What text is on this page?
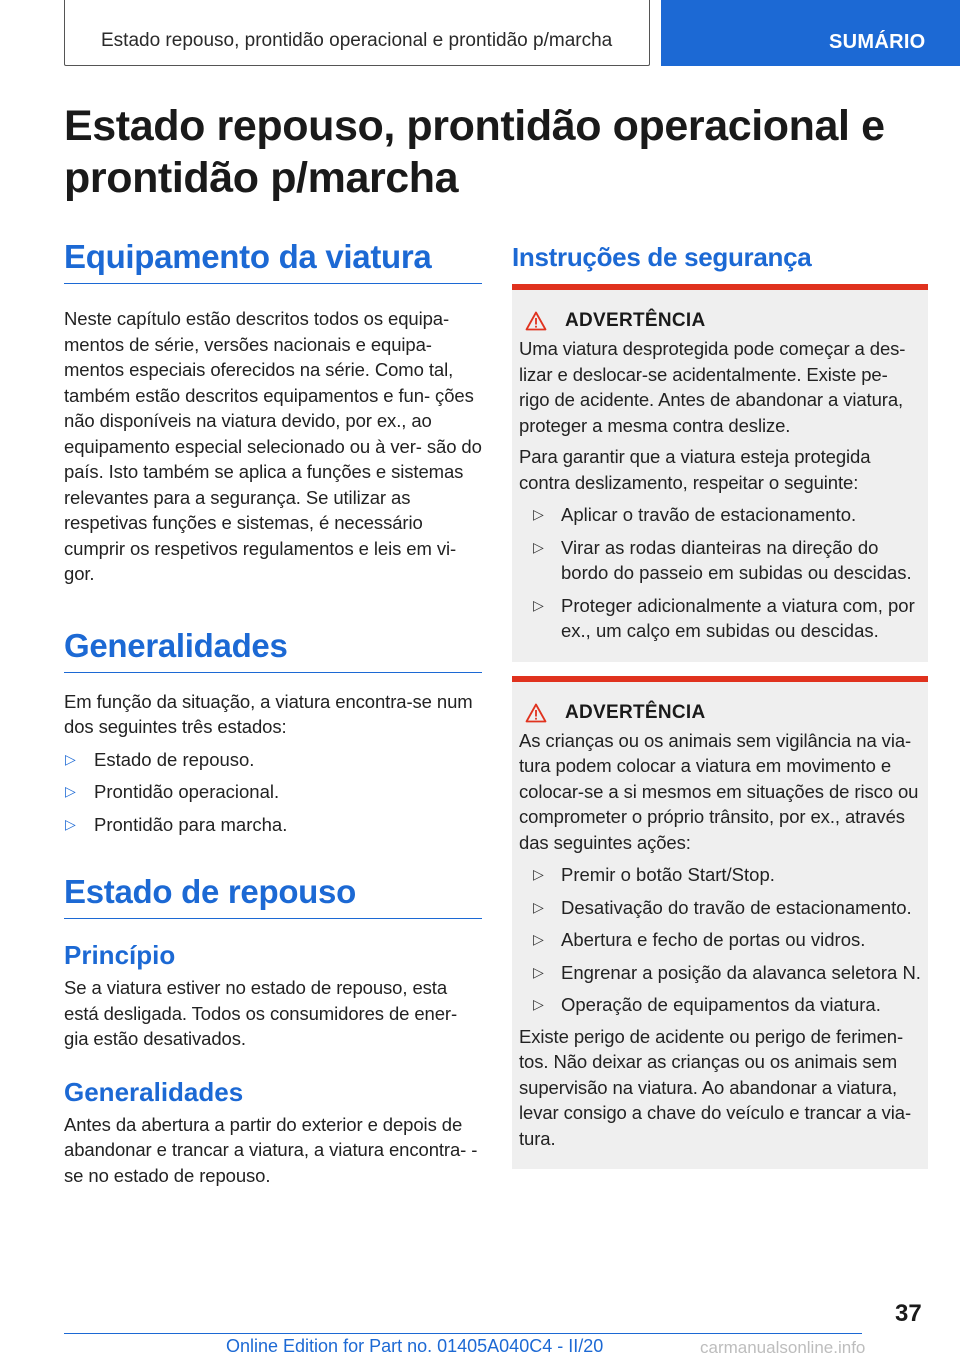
Estado repouso, prontidão operacional e prontidão p/marcha	SUMÁRIO
Estado repouso, prontidão operacional e
prontidão p/marcha
Equipamento da viatura

Neste capítulo estão descritos todos os equipa- mentos de série, versões nacionais e equipa- mentos especiais oferecidos na série. Como tal, também estão descritos equipamentos e fun- ções não disponíveis na viatura devido, por ex., ao equipamento especial selecionado ou à ver- são do país. Isto também se aplica a funções e sistemas relevantes para a segurança. Se utilizar as respetivas funções e sistemas, é necessário cumprir os respetivos regulamentos e leis em vi- gor.

Generalidades

Em função da situação, a viatura encontra-se num dos seguintes três estados:

▷ Estado de repouso.
▷ Prontidão operacional.
▷ Prontidão para marcha.
Estado de repouso
Princípio

Se a viatura estiver no estado de repouso, esta está desligada. Todos os consumidores de ener- gia estão desativados.

Generalidades

Antes da abertura a partir do exterior e depois de abandonar e trancar a viatura, a viatura encontra- -se no estado de repouso.

Instruções de segurança
ADVERTÊNCIA

Uma viatura desprotegida pode começar a des- lizar e deslocar-se acidentalmente. Existe pe- rigo de acidente. Antes de abandonar a viatura, proteger a mesma contra deslize.

Para garantir que a viatura esteja protegida contra deslizamento, respeitar o seguinte:

▷ Aplicar o travão de estacionamento.
▷ Virar as rodas dianteiras na direção do bordo do passeio em subidas ou descidas.
▷ Proteger adicionalmente a viatura com, por ex., um calço em subidas ou descidas.
ADVERTÊNCIA

As crianças ou os animais sem vigilância na via- tura podem colocar a viatura em movimento e colocar-se a si mesmos em situações de risco ou comprometer o próprio trânsito, por ex., através das seguintes ações:

▷ Premir o botão Start/Stop.
▷ Desativação do travão de estacionamento.
▷ Abertura e fecho de portas ou vidros.
▷ Engrenar a posição da alavanca seletora N.
▷ Operação de equipamentos da viatura.

Existe perigo de acidente ou perigo de ferimen- tos. Não deixar as crianças ou os animais sem supervisão na viatura. Ao abandonar a viatura, levar consigo a chave do veículo e trancar a via- tura.

37
Online Edition for Part no. 01405A040C4 - II/20	carmanualsonline.info
